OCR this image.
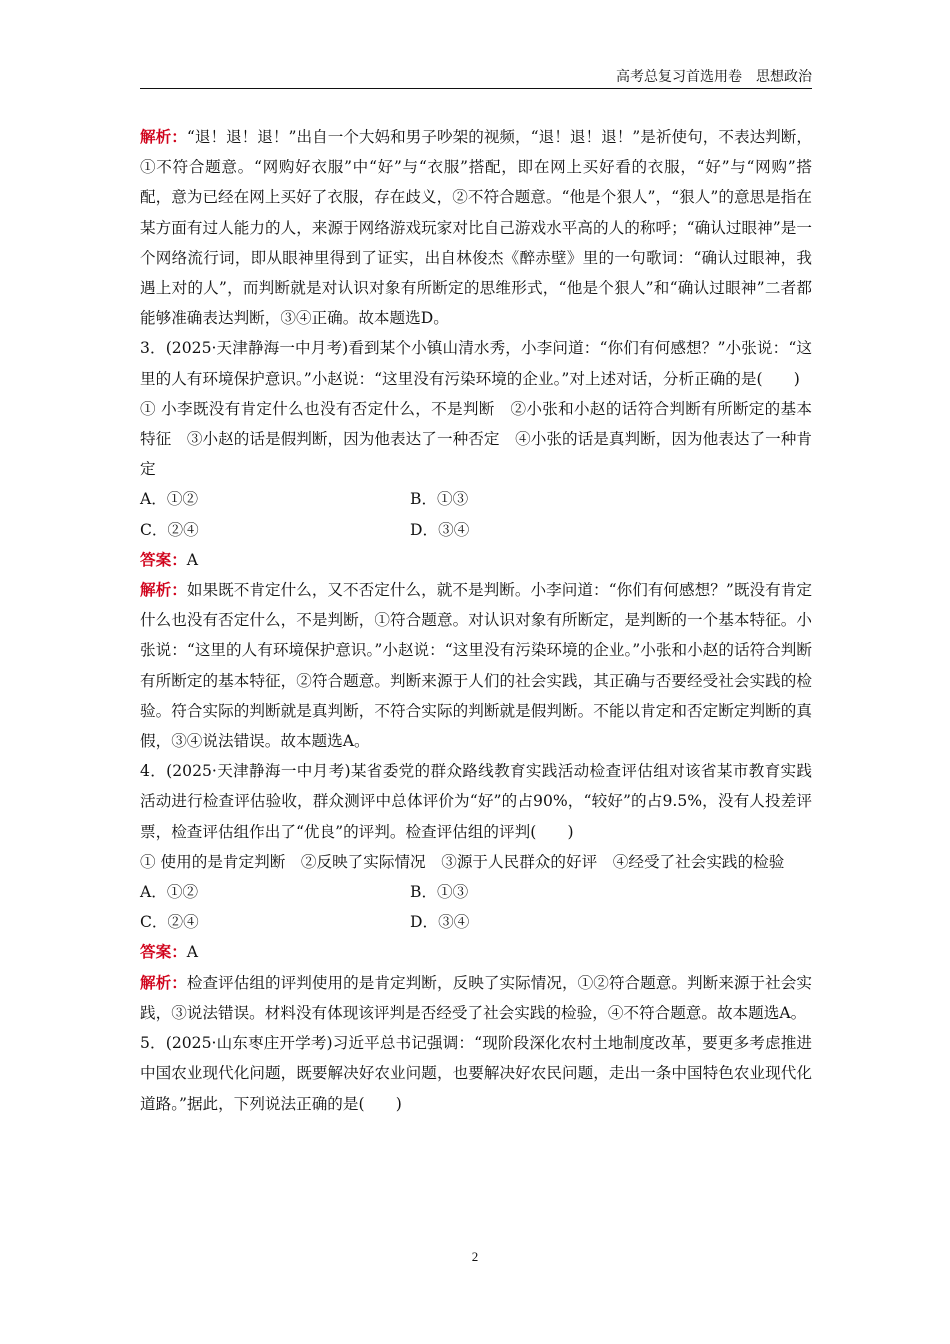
高考总复习首选用卷　思想政治

解析：“退！退！退！”出自一个大妈和男子吵架的视频，“退！退！退！”是祈使句，不表达判断，①不符合题意。“网购好衣服”中“好”与“衣服”搭配，即在网上买好看的衣服，“好”与“网购”搭配，意为已经在网上买好了衣服，存在歧义，②不符合题意。“他是个狠人”，“狠人”的意思是指在某方面有过人能力的人，来源于网络游戏玩家对比自己游戏水平高的人的称呼；“确认过眼神”是一个网络流行词，即从眼神里得到了证实，出自林俊杰《醉赤壁》里的一句歌词：“确认过眼神，我遇上对的人”，而判断就是对认识对象有所断定的思维形式，“他是个狠人”和“确认过眼神”二者都能够准确表达判断，③④正确。故本题选D。

3．(2025·天津静海一中月考)看到某个小镇山清水秀，小李问道：“你们有何感想？”小张说：“这里的人有环境保护意识。”小赵说：“这里没有污染环境的企业。”对上述对话，分析正确的是(　　)

① 小李既没有肯定什么也没有否定什么，不是判断　②小张和小赵的话符合判断有所断定的基本特征　③小赵的话是假判断，因为他表达了一种否定　④小张的话是真判断，因为他表达了一种肯定

A．①②	B．①③
C．②④	D．③④

答案：A

解析：如果既不肯定什么，又不否定什么，就不是判断。小李问道：“你们有何感想？”既没有肯定什么也没有否定什么，不是判断，①符合题意。对认识对象有所断定，是判断的一个基本特征。小张说：“这里的人有环境保护意识。”小赵说：“这里没有污染环境的企业。”小张和小赵的话符合判断有所断定的基本特征，②符合题意。判断来源于人们的社会实践，其正确与否要经受社会实践的检验。符合实际的判断就是真判断，不符合实际的判断就是假判断。不能以肯定和否定断定判断的真假，③④说法错误。故本题选A。

4．(2025·天津静海一中月考)某省委党的群众路线教育实践活动检查评估组对该省某市教育实践活动进行检查评估验收，群众测评中总体评价为“好”的占90%，“较好”的占9.5%，没有人投差评票，检查评估组作出了“优良”的评判。检查评估组的评判(　　)

① 使用的是肯定判断　②反映了实际情况　③源于人民群众的好评　④经受了社会实践的检验

A．①②	B．①③
C．②④	D．③④

答案：A

解析：检查评估组的评判使用的是肯定判断，反映了实际情况，①②符合题意。判断来源于社会实践，③说法错误。材料没有体现该评判是否经受了社会实践的检验，④不符合题意。故本题选A。

5．(2025·山东枣庄开学考)习近平总书记强调：“现阶段深化农村土地制度改革，要更多考虑推进中国农业现代化问题，既要解决好农业问题，也要解决好农民问题，走出一条中国特色农业现代化道路。”据此，下列说法正确的是(　　)

2
